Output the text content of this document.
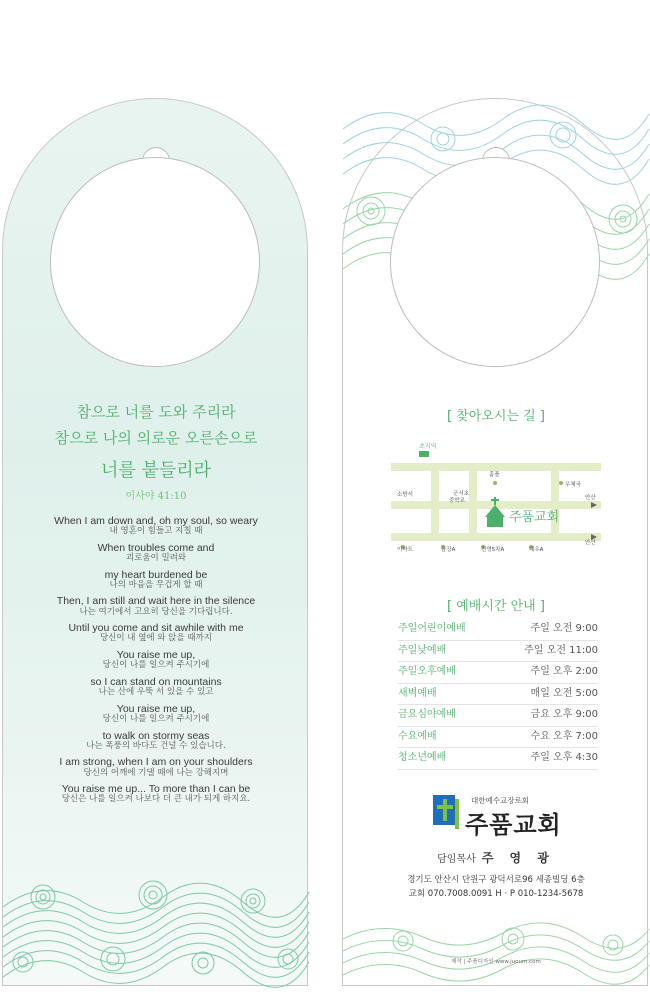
참으로 너를 도와 주리라
참으로 나의 의로운 오른손으로
너를 붙들리라
이사야 41:10
When I am down and, oh my soul, so weary
내 영혼이 힘들고 지칠 때
When troubles come and
괴로움이 밀려와
my heart burdened be
나의 마음을 무겁게 할 때
Then, I am still and wait here in the silence
나는 여기에서 고요히 당신을 기다립니다.
Until you come and sit awhile with me
당신이 내 옆에 와 앉을 때까지
You raise me up,
당신이 나를 일으켜 주시기에
so I can stand on mountains
나는 산에 우뚝 서 있을 수 있고
You raise me up,
당신이 나를 일으켜 주시기에
to walk on stormy seas
나는 폭풍의 바다도 건널 수 있습니다.
I am strong, when I am on your shoulders
당신의 어깨에 기댈 때에 나는 강해지며
You raise me up... To more than I can be
당신은 나를 일으켜 나보다 더 큰 내가 되게 하지요.
[ 찾아오시는 길 ]
초지역
홈플
우체국
소방서	군서초
중학교
이마트	금강A	건영5차A	대우A
안산
안산
주품교회
[ 예배시간 안내 ]
주일어린이예배	주일 오전 9:00
주일낮예배	주일 오전 11:00
주일오후예배	주일 오후 2:00
새벽예배	매일 오전 5:00
금요심야예배	금요 오후 9:00
수요예배	수요 오후 7:00
청소년예배	주일 오후 4:30
대한예수교장로회
주품교회
담임목사 주 영 광
경기도 안산시 단원구 광덕서로96 세종빌딩 6층
교회 070.7008.0091 H · P 010-1234-5678
제작 | 주품디자인 www.juoum.com
